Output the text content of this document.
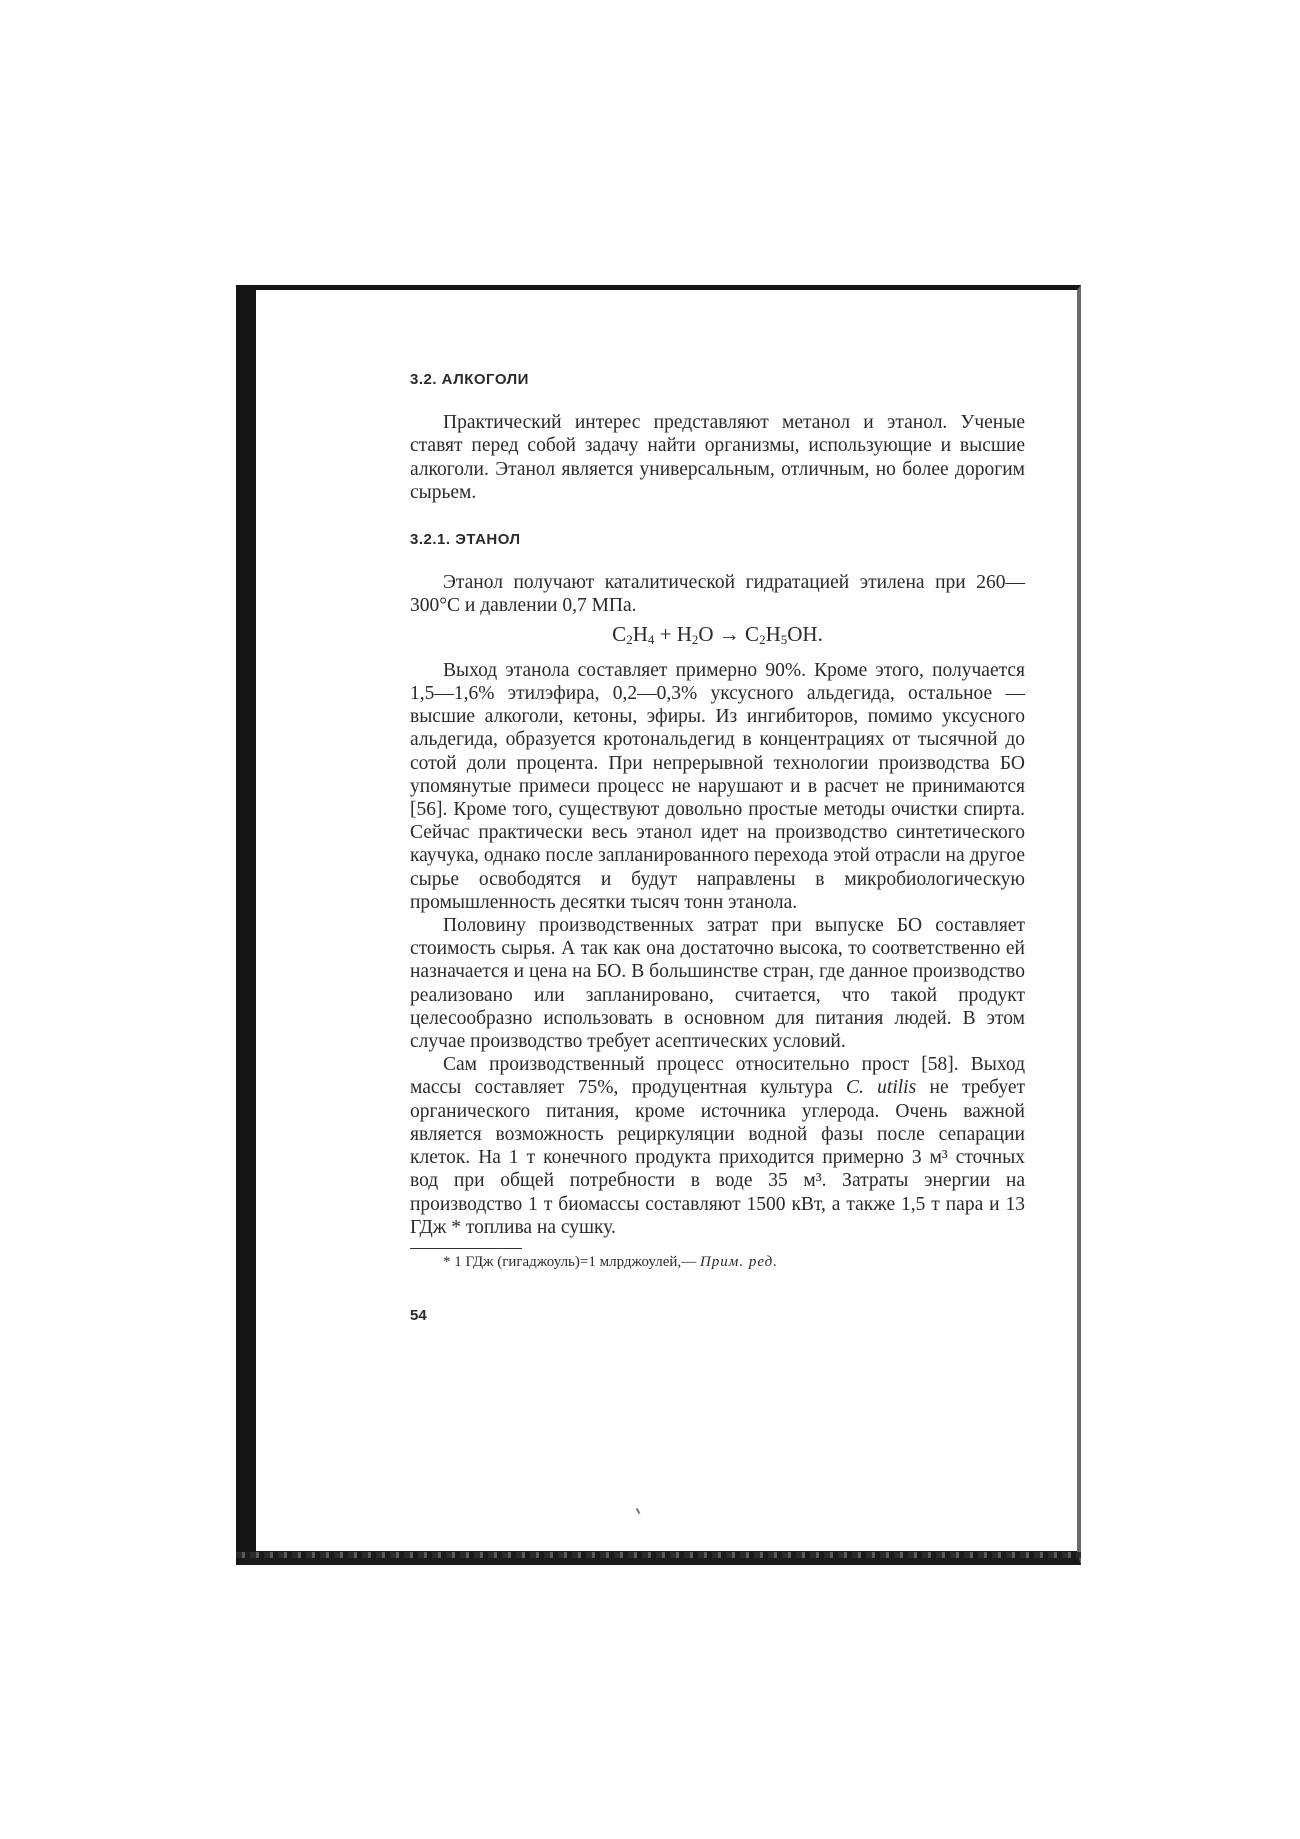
3.2. АЛКОГОЛИ

Практический интерес представляют метанол и этанол. Ученые ставят перед собой задачу найти организмы, использующие и высшие алкоголи. Этанол является универсальным, отличным, но более дорогим сырьем.

3.2.1. ЭТАНОЛ

Этанол получают каталитической гидратацией этилена при 260—300°С и давлении 0,7 МПа.

$C_2H_4 + H_2O \to C_2H_5OH$.

Выход этанола составляет примерно 90%. Кроме этого, получается 1,5—1,6% этилэфира, 0,2—0,3% уксусного альдегида, остальное — высшие алкоголи, кетоны, эфиры. Из ингибиторов, помимо уксусного альдегида, образуется кротональдегид в концентрациях от тысячной до сотой доли процента. При непрерывной технологии производства БО упомянутые примеси процесс не нарушают и в расчет не принимаются [56]. Кроме того, существуют довольно простые методы очистки спирта. Сейчас практически весь этанол идет на производство синтетического каучука, однако после запланированного перехода этой отрасли на другое сырье освободятся и будут направлены в микробиологическую промышленность десятки тысяч тонн этанола.

Половину производственных затрат при выпуске БО составляет стоимость сырья. А так как она достаточно высока, то соответственно ей назначается и цена на БО. В большинстве стран, где данное производство реализовано или запланировано, считается, что такой продукт целесообразно использовать в основном для питания людей. В этом случае производство требует асептических условий.

Сам производственный процесс относительно прост [58]. Выход массы составляет 75%, продуцентная культура C. utilis не требует органического питания, кроме источника углерода. Очень важной является возможность рециркуляции водной фазы после сепарации клеток. На 1 т конечного продукта приходится примерно 3 м³ сточных вод при общей потребности в воде 35 м³. Затраты энергии на производство 1 т биомассы составляют 1500 кВт, а также 1,5 т пара и 13 ГДж * топлива на сушку.

* 1 ГДж (гигаджоуль)=1 млрджоулей,— Прим. ред.
54
